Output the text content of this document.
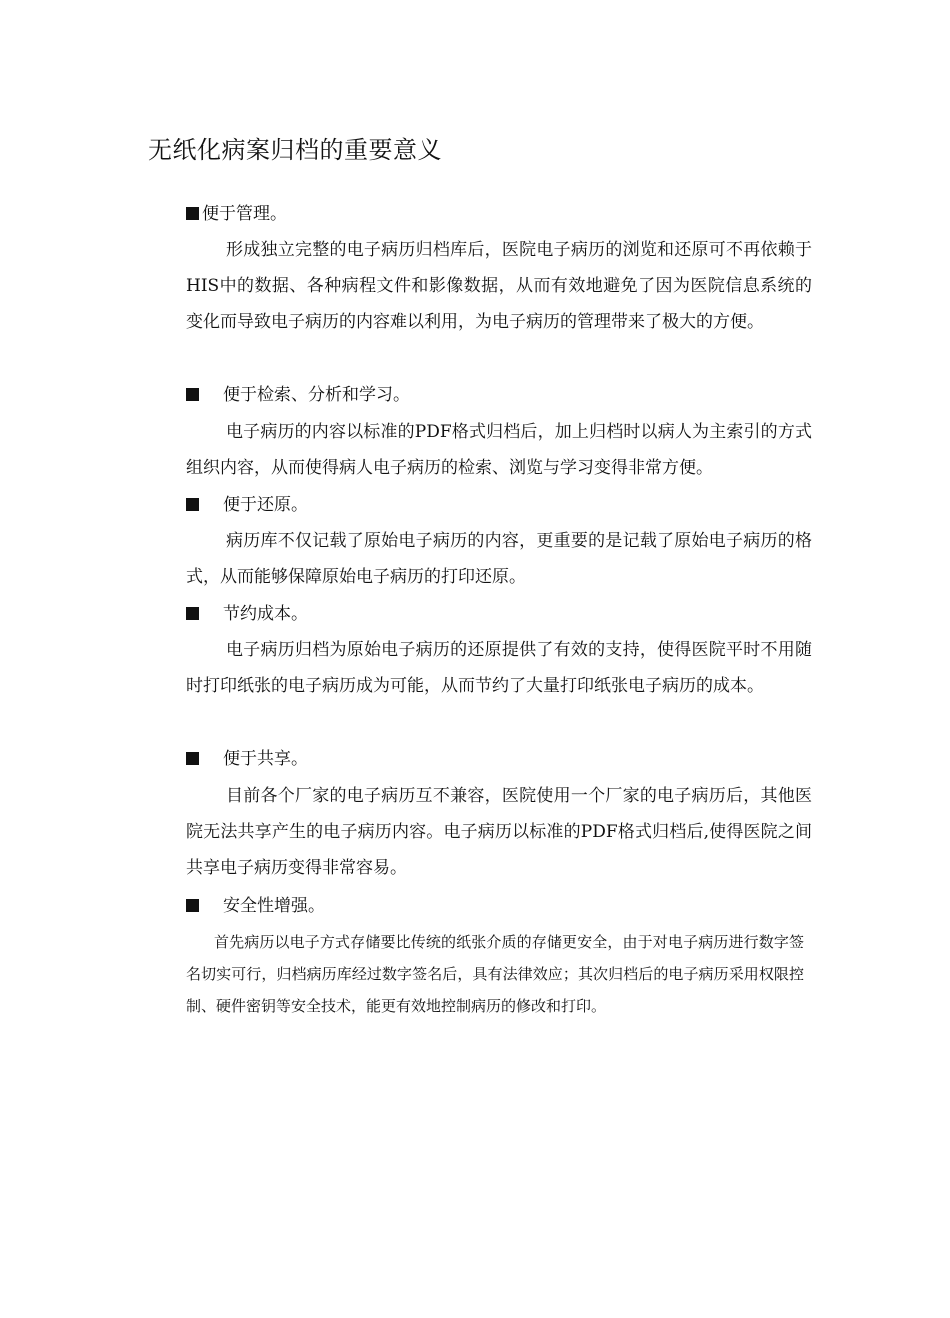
无纸化病案归档的重要意义
便于管理。

形成独立完整的电子病历归档库后，医院电子病历的浏览和还原可不再依赖于HIS中的数据、各种病程文件和影像数据，从而有效地避免了因为医院信息系统的变化而导致电子病历的内容难以利用，为电子病历的管理带来了极大的方便。

便于检索、分析和学习。

电子病历的内容以标准的PDF格式归档后，加上归档时以病人为主索引的方式组织内容，从而使得病人电子病历的检索、浏览与学习变得非常方便。

便于还原。

病历库不仅记载了原始电子病历的内容，更重要的是记载了原始电子病历的格式，从而能够保障原始电子病历的打印还原。

节约成本。

电子病历归档为原始电子病历的还原提供了有效的支持，使得医院平时不用随时打印纸张的电子病历成为可能，从而节约了大量打印纸张电子病历的成本。

便于共享。

目前各个厂家的电子病历互不兼容，医院使用一个厂家的电子病历后，其他医院无法共享产生的电子病历内容。电子病历以标准的PDF格式归档后,使得医院之间共享电子病历变得非常容易。

安全性增强。

首先病历以电子方式存储要比传统的纸张介质的存储更安全，由于对电子病历进行数字签名切实可行，归档病历库经过数字签名后，具有法律效应；其次归档后的电子病历采用权限控制、硬件密钥等安全技术，能更有效地控制病历的修改和打印。
